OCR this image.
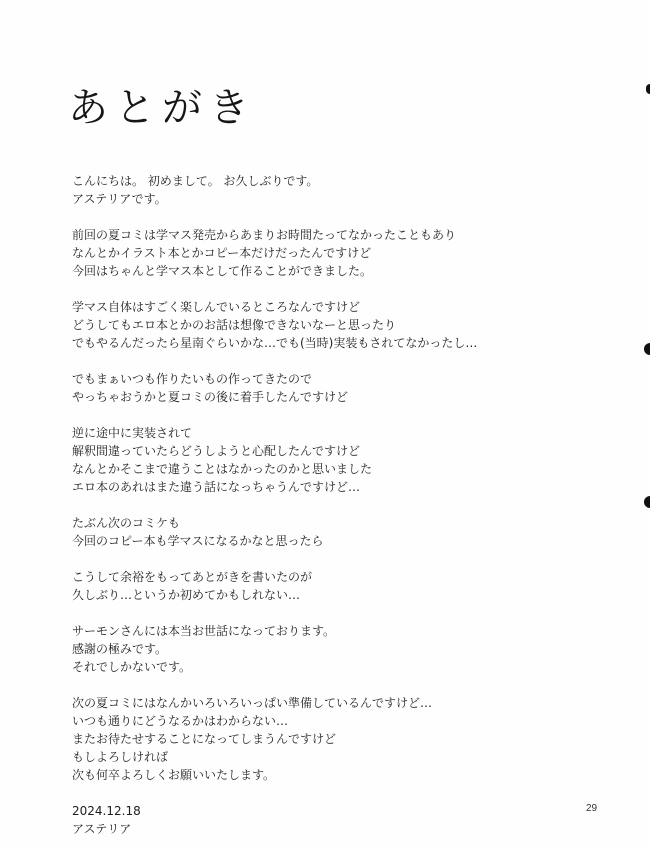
あとがき

こんにちは。 初めまして。 お久しぶりです。
アステリアです。

前回の夏コミは学マス発売からあまりお時間たってなかったこともあり
なんとかイラスト本とかコピー本だけだったんですけど
今回はちゃんと学マス本として作ることができました。

学マス自体はすごく楽しんでいるところなんですけど
どうしてもエロ本とかのお話は想像できないなーと思ったり
でもやるんだったら星南ぐらいかな…でも(当時)実装もされてなかったし…

でもまぁいつも作りたいもの作ってきたので
やっちゃおうかと夏コミの後に着手したんですけど

逆に途中に実装されて
解釈間違っていたらどうしようと心配したんですけど
なんとかそこまで違うことはなかったのかと思いました
エロ本のあれはまた違う話になっちゃうんですけど…

たぶん次のコミケも
今回のコピー本も学マスになるかなと思ったら

こうして余裕をもってあとがきを書いたのが
久しぶり…というか初めてかもしれない…

サーモンさんには本当お世話になっております。
感謝の極みです。
それでしかないです。

次の夏コミにはなんかいろいろいっぱい準備しているんですけど…
いつも通りにどうなるかはわからない…
またお待たせすることになってしまうんですけど
もしよろしければ
次も何卒よろしくお願いいたします。

2024.12.18
アステリア

29
